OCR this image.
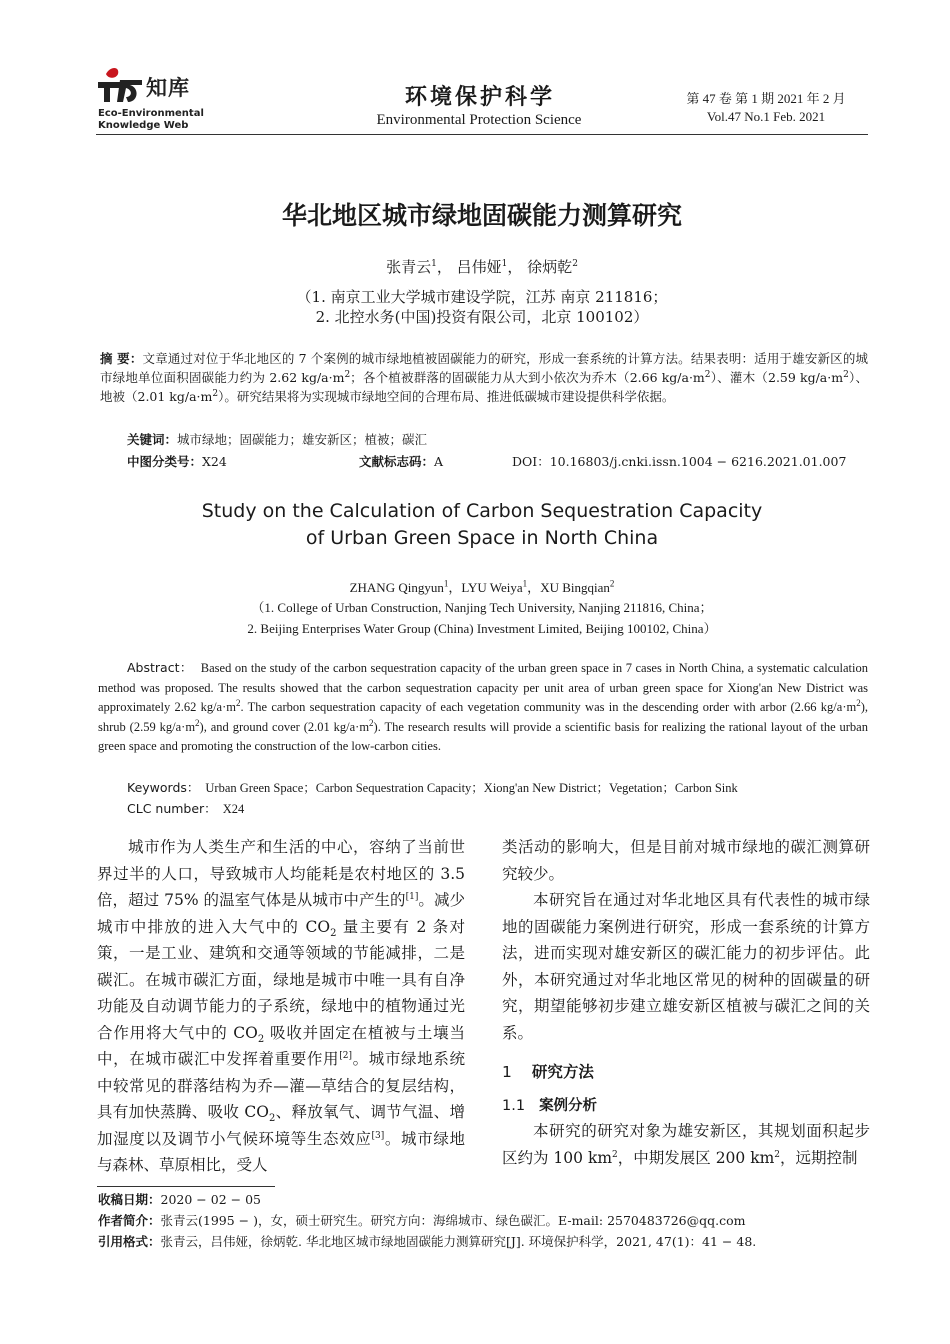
知库
Eco-Environmental
Knowledge Web
环境保护科学
Environmental Protection Science
第 47 卷 第 1 期 2021 年 2 月
Vol.47 No.1 Feb. 2021
华北地区城市绿地固碳能力测算研究
张青云$^1$， 吕伟娅$^1$， 徐炳乾$^2$
（1. 南京工业大学城市建设学院，江苏 南京 211816；
2. 北控水务(中国)投资有限公司，北京 100102）
摘 要：文章通过对位于华北地区的 7 个案例的城市绿地植被固碳能力的研究，形成一套系统的计算方法。结果表明：适用于雄安新区的城市绿地单位面积固碳能力约为 2.62 $kg/a\cdot m^2$；各个植被群落的固碳能力从大到小依次为乔木（2.66 $kg/a\cdot m^2$）、灌木（2.59 $kg/a\cdot m^2$）、地被（2.01 $kg/a\cdot m^2$）。研究结果将为实现城市绿地空间的合理布局、推进低碳城市建设提供科学依据。
关键词：城市绿地；固碳能力；雄安新区；植被；碳汇
中图分类号：X24	文献标志码：A	DOI：10.16803/j.cnki.issn.1004 − 6216.2021.01.007
Study on the Calculation of Carbon Sequestration Capacity
of Urban Green Space in North China
ZHANG Qingyun$^1$，LYU Weiya$^1$，XU Bingqian$^2$
（1. College of Urban Construction, Nanjing Tech University, Nanjing 211816, China；
2. Beijing Enterprises Water Group (China) Investment Limited, Beijing 100102, China）
Abstract： Based on the study of the carbon sequestration capacity of the urban green space in 7 cases in North China, a systematic calculation method was proposed. The results showed that the carbon sequestration capacity per unit area of urban green space for Xiong'an New District was approximately 2.62 $kg/a\cdot m^2$. The carbon sequestration capacity of each vegetation community was in the descending order with arbor (2.66 $kg/a\cdot m^2$), shrub (2.59 $kg/a\cdot m^2$), and ground cover (2.01 $kg/a\cdot m^2$). The research results will provide a scientific basis for realizing the rational layout of the urban green space and promoting the construction of the low-carbon cities.
Keywords： Urban Green Space；Carbon Sequestration Capacity；Xiong'an New District；Vegetation；Carbon Sink
CLC number： X24

城市作为人类生产和生活的中心，容纳了当前世界过半的人口，导致城市人均能耗是农村地区的 3.5 倍，超过 75% 的温室气体是从城市中产生的[1]。减少城市中排放的进入大气中的 $CO_2$ 量主要有 2 条对策，一是工业、建筑和交通等领域的节能减排，二是碳汇。在城市碳汇方面，绿地是城市中唯一具有自净功能及自动调节能力的子系统，绿地中的植物通过光合作用将大气中的 $CO_2$ 吸收并固定在植被与土壤当中，在城市碳汇中发挥着重要作用[2]。城市绿地系统中较常见的群落结构为乔—灌—草结合的复层结构，具有加快蒸腾、吸收 $CO_2$、释放氧气、调节气温、增加湿度以及调节小气候环境等生态效应[3]。城市绿地与森林、草原相比，受人

类活动的影响大，但是目前对城市绿地的碳汇测算研究较少。

本研究旨在通过对华北地区具有代表性的城市绿地的固碳能力案例进行研究，形成一套系统的计算方法，进而实现对雄安新区的碳汇能力的初步评估。此外，本研究通过对华北地区常见的树种的固碳量的研究，期望能够初步建立雄安新区植被与碳汇之间的关系。

1 研究方法
1.1 案例分析

本研究的研究对象为雄安新区，其规划面积起步区约为 100 $km^2$，中期发展区 200 $km^2$，远期控制

收稿日期：2020 − 02 − 05
作者简介：张青云(1995 − )，女，硕士研究生。研究方向：海绵城市、绿色碳汇。E-mail: 2570483726@qq.com
引用格式：张青云，吕伟娅，徐炳乾. 华北地区城市绿地固碳能力测算研究[J]. 环境保护科学，2021, 47(1)：41 − 48.
